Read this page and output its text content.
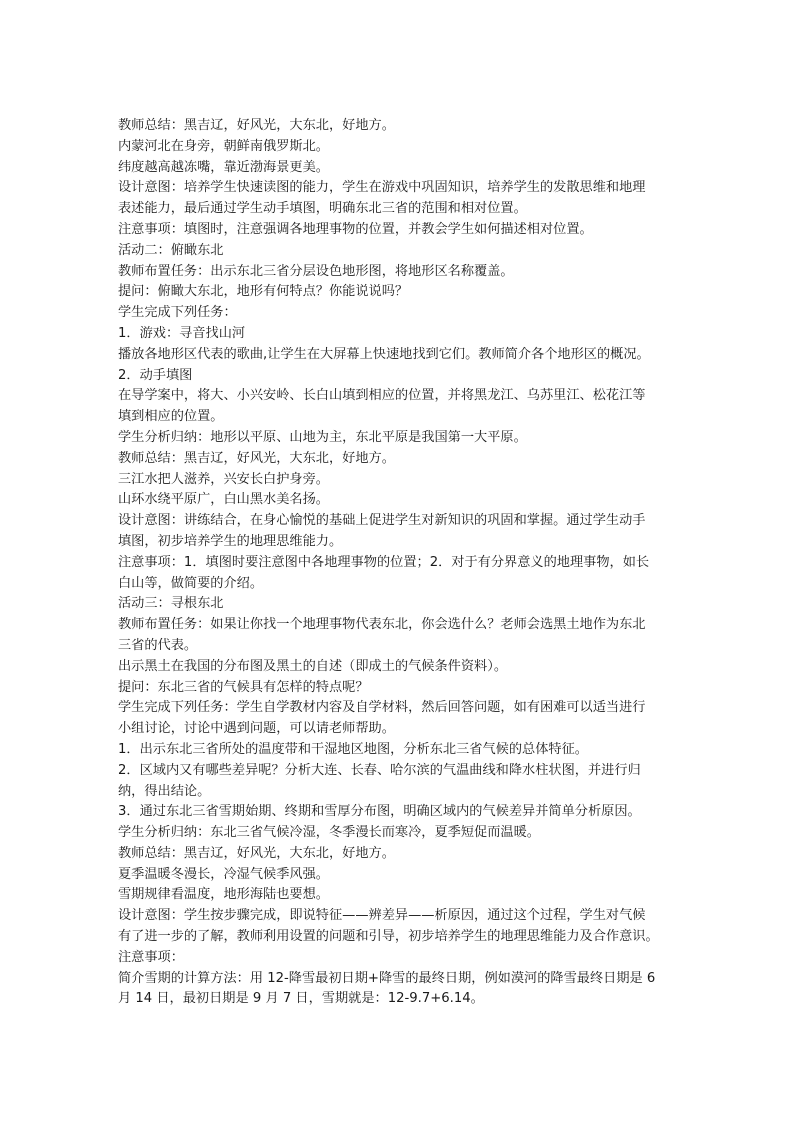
教师总结：黑吉辽，好风光，大东北，好地方。
内蒙河北在身旁，朝鲜南俄罗斯北。
纬度越高越冻嘴，靠近渤海景更美。
设计意图：培养学生快速读图的能力，学生在游戏中巩固知识，培养学生的发散思维和地理
表述能力，最后通过学生动手填图，明确东北三省的范围和相对位置。
注意事项：填图时，注意强调各地理事物的位置，并教会学生如何描述相对位置。
活动二：俯瞰东北
教师布置任务：出示东北三省分层设色地形图，将地形区名称覆盖。
提问：俯瞰大东北，地形有何特点？你能说说吗？
学生完成下列任务：
1．游戏：寻音找山河
播放各地形区代表的歌曲,让学生在大屏幕上快速地找到它们。教师简介各个地形区的概况。
2．动手填图
在导学案中，将大、小兴安岭、长白山填到相应的位置，并将黑龙江、乌苏里江、松花江等
填到相应的位置。
学生分析归纳：地形以平原、山地为主，东北平原是我国第一大平原。
教师总结：黑吉辽，好风光，大东北，好地方。
三江水把人滋养，兴安长白护身旁。
山环水绕平原广，白山黑水美名扬。
设计意图：讲练结合，在身心愉悦的基础上促进学生对新知识的巩固和掌握。通过学生动手
填图，初步培养学生的地理思维能力。
注意事项：1．填图时要注意图中各地理事物的位置；2．对于有分界意义的地理事物，如长
白山等，做简要的介绍。
活动三：寻根东北
教师布置任务：如果让你找一个地理事物代表东北，你会选什么？老师会选黑土地作为东北
三省的代表。
出示黑土在我国的分布图及黑土的自述（即成土的气候条件资料）。
提问：东北三省的气候具有怎样的特点呢？
学生完成下列任务：学生自学教材内容及自学材料，然后回答问题，如有困难可以适当进行
小组讨论，讨论中遇到问题，可以请老师帮助。
1．出示东北三省所处的温度带和干湿地区地图，分析东北三省气候的总体特征。
2．区域内又有哪些差异呢？分析大连、长春、哈尔滨的气温曲线和降水柱状图，并进行归
纳，得出结论。
3．通过东北三省雪期始期、终期和雪厚分布图，明确区域内的气候差异并简单分析原因。
学生分析归纳：东北三省气候冷湿，冬季漫长而寒冷，夏季短促而温暖。
教师总结：黑吉辽，好风光，大东北，好地方。
夏季温暖冬漫长，冷湿气候季风强。
雪期规律看温度，地形海陆也要想。
设计意图：学生按步骤完成，即说特征——辨差异——析原因，通过这个过程，学生对气候
有了进一步的了解，教师利用设置的问题和引导，初步培养学生的地理思维能力及合作意识。
注意事项：
简介雪期的计算方法：用 12-降雪最初日期+降雪的最终日期，例如漠河的降雪最终日期是 6
月 14 日，最初日期是 9 月 7 日，雪期就是：12-9.7+6.14。
